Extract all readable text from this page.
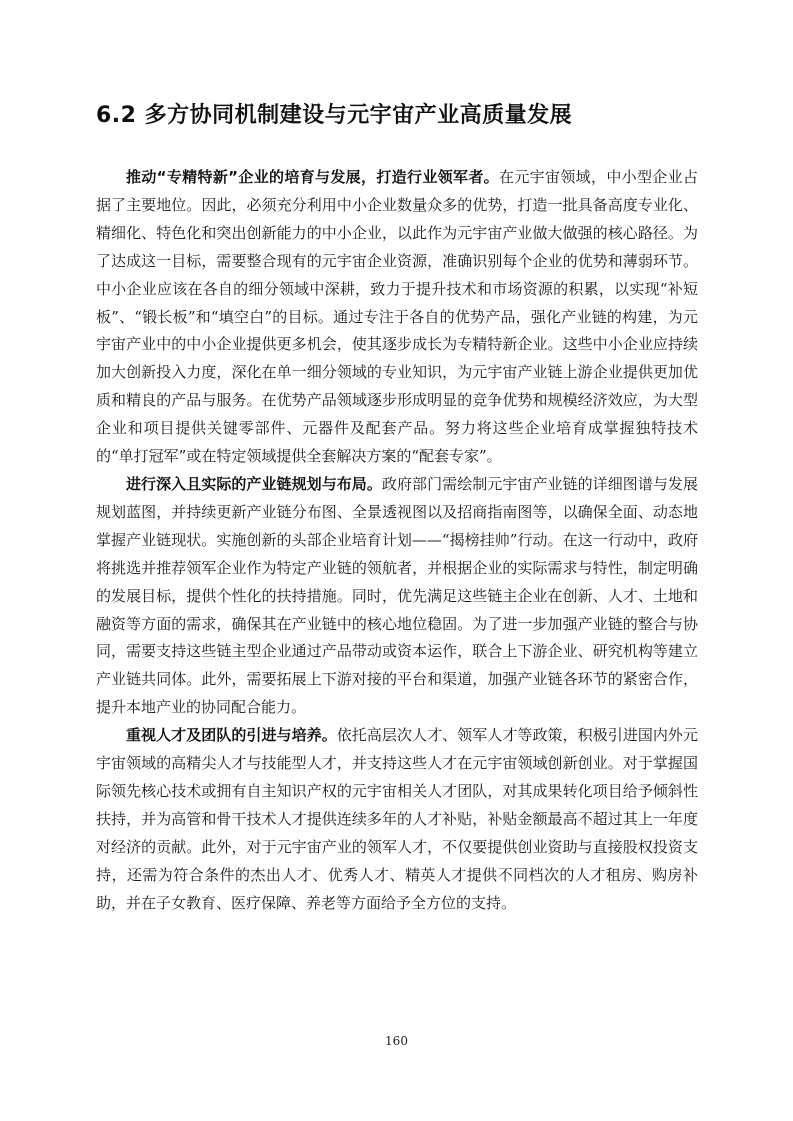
6.2 多方协同机制建设与元宇宙产业高质量发展

推动“专精特新”企业的培育与发展，打造行业领军者。在元宇宙领域，中小型企业占据了主要地位。因此，必须充分利用中小企业数量众多的优势，打造一批具备高度专业化、精细化、特色化和突出创新能力的中小企业，以此作为元宇宙产业做大做强的核心路径。为了达成这一目标，需要整合现有的元宇宙企业资源，准确识别每个企业的优势和薄弱环节。中小企业应该在各自的细分领域中深耕，致力于提升技术和市场资源的积累，以实现“补短板”、“锻长板”和“填空白”的目标。通过专注于各自的优势产品，强化产业链的构建，为元宇宙产业中的中小企业提供更多机会，使其逐步成长为专精特新企业。这些中小企业应持续加大创新投入力度，深化在单一细分领域的专业知识，为元宇宙产业链上游企业提供更加优质和精良的产品与服务。在优势产品领域逐步形成明显的竞争优势和规模经济效应，为大型企业和项目提供关键零部件、元器件及配套产品。努力将这些企业培育成掌握独特技术的“单打冠军”或在特定领域提供全套解决方案的“配套专家”。

进行深入且实际的产业链规划与布局。政府部门需绘制元宇宙产业链的详细图谱与发展规划蓝图，并持续更新产业链分布图、全景透视图以及招商指南图等，以确保全面、动态地掌握产业链现状。实施创新的头部企业培育计划——“揭榜挂帅”行动。在这一行动中，政府将挑选并推荐领军企业作为特定产业链的领航者，并根据企业的实际需求与特性，制定明确的发展目标，提供个性化的扶持措施。同时，优先满足这些链主企业在创新、人才、土地和融资等方面的需求，确保其在产业链中的核心地位稳固。为了进一步加强产业链的整合与协同，需要支持这些链主型企业通过产品带动或资本运作，联合上下游企业、研究机构等建立产业链共同体。此外，需要拓展上下游对接的平台和渠道，加强产业链各环节的紧密合作，提升本地产业的协同配合能力。

重视人才及团队的引进与培养。依托高层次人才、领军人才等政策，积极引进国内外元宇宙领域的高精尖人才与技能型人才，并支持这些人才在元宇宙领域创新创业。对于掌握国际领先核心技术或拥有自主知识产权的元宇宙相关人才团队，对其成果转化项目给予倾斜性扶持，并为高管和骨干技术人才提供连续多年的人才补贴，补贴金额最高不超过其上一年度对经济的贡献。此外，对于元宇宙产业的领军人才，不仅要提供创业资助与直接股权投资支持，还需为符合条件的杰出人才、优秀人才、精英人才提供不同档次的人才租房、购房补助，并在子女教育、医疗保障、养老等方面给予全方位的支持。

160
